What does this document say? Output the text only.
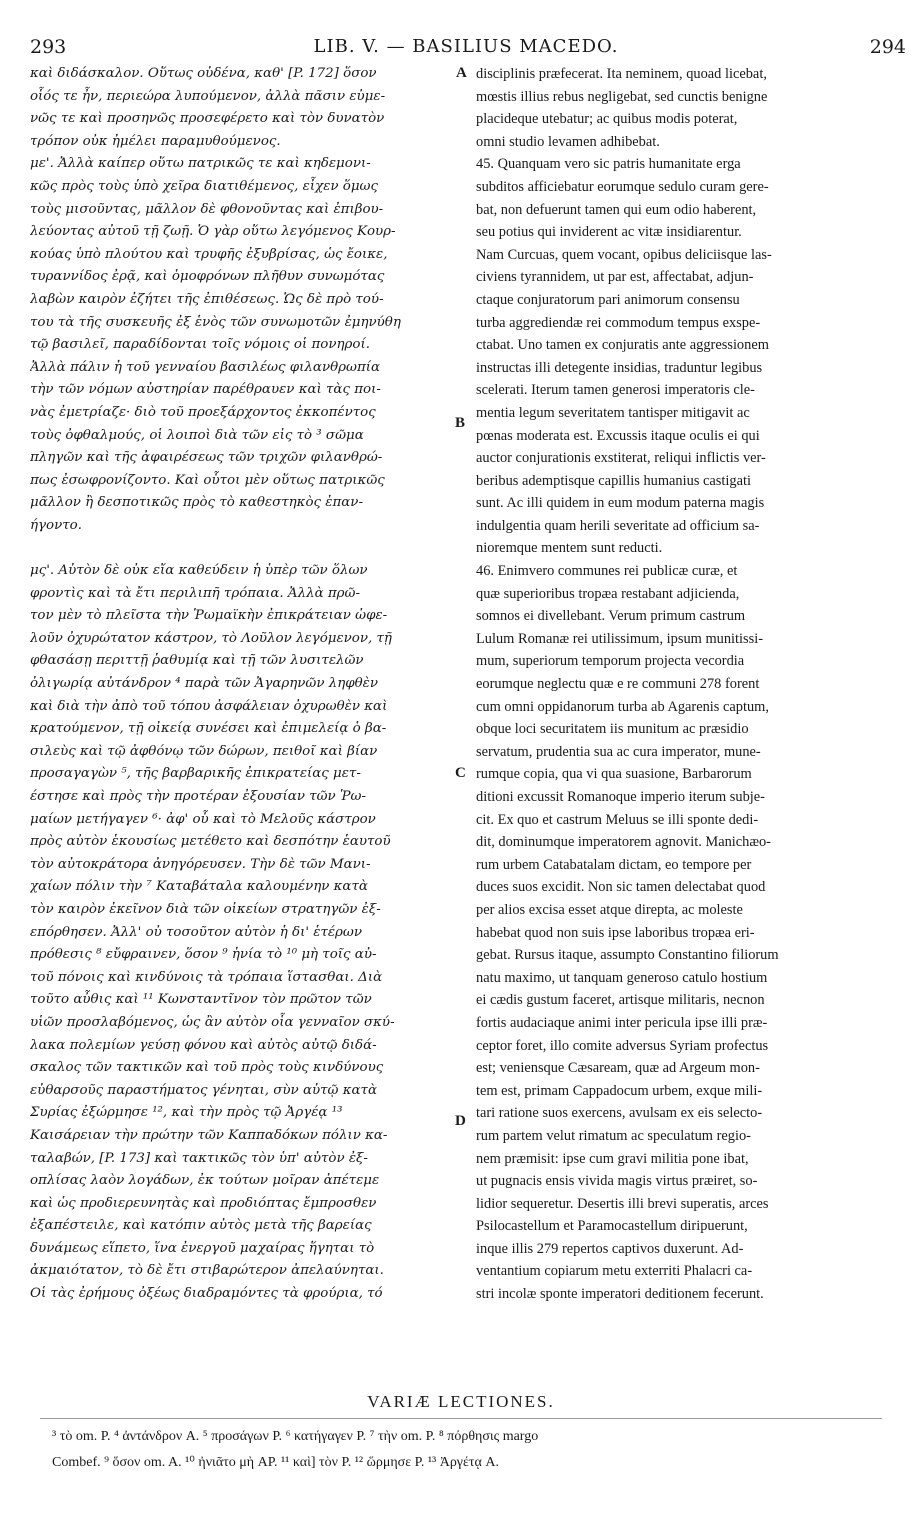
293	LIB. V. — BASILIUS MACEDO.	294
καὶ διδάσκαλον. Οὕτως οὐδένα, καθ' [P. 172] ὅσον
οἷός τε ἦν, περιεώρα λυπούμενον, ἀλλὰ πᾶσιν εὐμε-
νῶς τε καὶ προσηνῶς προσεφέρετο καὶ τὸν δυνατὸν
τρόπον οὐκ ἠμέλει παραμυθούμενος.
με'. Ἀλλὰ καίπερ οὕτω πατρικῶς τε καὶ κηδεμονι-
κῶς πρὸς τοὺς ὑπὸ χεῖρα διατιθέμενος, εἶχεν ὅμως
τοὺς μισοῦντας, μᾶλλον δὲ φθονοῦντας καὶ ἐπιβου-
λεύοντας αὐτοῦ τῇ ζωῇ. Ὁ γὰρ οὕτω λεγόμενος Κουρ-
κούας ὑπὸ πλούτου καὶ τρυφῆς ἐξυβρίσας, ὡς ἔοικε,
τυραννίδος ἐρᾷ, καὶ ὁμοφρόνων πλῆθυν συνωμότας
λαβὼν καιρὸν ἐζήτει τῆς ἐπιθέσεως. Ὡς δὲ πρὸ τού-
του τὰ τῆς συσκευῆς ἐξ ἑνὸς τῶν συνωμοτῶν ἐμηνύθη
τῷ βασιλεῖ, παραδίδονται τοῖς νόμοις οἱ πονηροί.
Ἀλλὰ πάλιν ἡ τοῦ γενναίου βασιλέως φιλανθρωπία
τὴν τῶν νόμων αὐστηρίαν παρέθραυεν καὶ τὰς ποι-
νὰς ἐμετρίαζε· διὸ τοῦ προεξάρχοντος ἐκκοπέντος
τοὺς ὀφθαλμούς, οἱ λοιποὶ διὰ τῶν εἰς τὸ ³ σῶμα
πληγῶν καὶ τῆς ἀφαιρέσεως τῶν τριχῶν φιλανθρώ-
πως ἐσωφρονίζοντο. Καὶ οὗτοι μὲν οὕτως πατρικῶς
μᾶλλον ἢ δεσποτικῶς πρὸς τὸ καθεστηκὸς ἐπαν-
ήγοντο.

μς'. Αὐτὸν δὲ οὐκ εἴα καθεύδειν ἡ ὑπὲρ τῶν ὅλων
φροντὶς καὶ τὰ ἔτι περιλιπῆ τρόπαια. Ἀλλὰ πρῶ-
τον μὲν τὸ πλεῖστα τὴν Ῥωμαϊκὴν ἐπικράτειαν ὠφε-
λοῦν ὀχυρώτατον κάστρον, τὸ Λοῦλον λεγόμενον, τῇ
φθασάσῃ περιττῇ ῥαθυμίᾳ καὶ τῇ τῶν λυσιτελῶν
ὀλιγωρίᾳ αὐτάνδρον ⁴ παρὰ τῶν Ἀγαρηνῶν ληφθὲν
καὶ διὰ τὴν ἀπὸ τοῦ τόπου ἀσφάλειαν ὀχυρωθὲν καὶ
κρατούμενον, τῇ οἰκείᾳ συνέσει καὶ ἐπιμελείᾳ ὁ βα-
σιλεὺς καὶ τῷ ἀφθόνῳ τῶν δώρων, πειθοῖ καὶ βίαν
προσαγαγὼν ⁵, τῆς βαρβαρικῆς ἐπικρατείας μετ-
έστησε καὶ πρὸς τὴν προτέραν ἐξουσίαν τῶν Ῥω-
μαίων μετήγαγεν ⁶· ἀφ' οὗ καὶ τὸ Μελοῦς κάστρον
πρὸς αὐτὸν ἑκουσίως μετέθετο καὶ δεσπότην ἑαυτοῦ
τὸν αὐτοκράτορα ἀνηγόρευσεν. Τὴν δὲ τῶν Μανι-
χαίων πόλιν τὴν ⁷ Καταβάταλα καλουμένην κατὰ
τὸν καιρὸν ἐκεῖνον διὰ τῶν οἰκείων στρατηγῶν ἐξ-
επόρθησεν. Ἀλλ' οὐ τοσοῦτον αὐτὸν ἡ δι' ἑτέρων
πρόθεσις ⁸ εὔφραινεν, ὅσον ⁹ ἠνία τὸ ¹⁰ μὴ τοῖς αὐ-
τοῦ πόνοις καὶ κινδύνοις τὰ τρόπαια ἵστασθαι. Διὰ
τοῦτο αὖθις καὶ ¹¹ Κωνσταντῖνον τὸν πρῶτον τῶν
υἱῶν προσλαβόμενος, ὡς ἂν αὐτὸν οἷα γενναῖον σκύ-
λακα πολεμίων γεύσῃ φόνου καὶ αὐτὸς αὐτῷ διδά-
σκαλος τῶν τακτικῶν καὶ τοῦ πρὸς τοὺς κινδύνους
εὐθαρσοῦς παραστήματος γένηται, σὺν αὐτῷ κατὰ
Συρίας ἐξώρμησε ¹², καὶ τὴν πρὸς τῷ Ἀργέᾳ ¹³
Καισάρειαν τὴν πρώτην τῶν Καππαδόκων πόλιν κα-
ταλαβών, [P. 173] καὶ τακτικῶς τὸν ὑπ' αὐτὸν ἐξ-
οπλίσας λαὸν λογάδων, ἐκ τούτων μοῖραν ἀπέτεμε
καὶ ὡς προδιερευνητὰς καὶ προδιόπτας ἔμπροσθεν
ἐξαπέστειλε, καὶ κατόπιν αὐτὸς μετὰ τῆς βαρείας
δυνάμεως εἵπετο, ἵνα ἐνεργοῦ μαχαίρας ἥγηται τὸ
ἀκμαιότατον, τὸ δὲ ἔτι στιβαρώτερον ἀπελαύνηται.
Οἱ τὰς ἐρήμους ὀξέως διαδραμόντες τὰ φρούρια, τό
disciplinis præfecerat. Ita neminem, quoad licebat,
mœstis illius rebus negligebat, sed cunctis benigne
placideque utebatur; ac quibus modis poterat,
omni studio levamen adhibebat.
45. Quanquam vero sic patris humanitate erga
subditos afficiebatur eorumque sedulo curam gere-
bat, non defuerunt tamen qui eum odio haberent,
seu potius qui inviderent ac vitæ insidiarentur.
Nam Curcuas, quem vocant, opibus deliciisque las-
civiens tyrannidem, ut par est, affectabat, adjun-
ctaque conjuratorum pari animorum consensu
turba aggrediendæ rei commodum tempus exspe-
ctabat. Uno tamen ex conjuratis ante aggressionem
instructas illi detegente insidias, traduntur legibus
scelerati. Iterum tamen generosi imperatoris cle-
mentia legum severitatem tantisper mitigavit ac
pœnas moderata est. Excussis itaque oculis ei qui
auctor conjurationis exstiterat, reliqui inflictis ver-
beribus ademptisque capillis humanius castigati
sunt. Ac illi quidem in eum modum paterna magis
indulgentia quam herili severitate ad officium sa-
nioremque mentem sunt reducti.
46. Enimvero communes rei publicæ curæ, et
quæ superioribus tropæa restabant adjicienda,
somnos ei divellebant. Verum primum castrum
Lulum Romanæ rei utilissimum, ipsum munitissi-
mum, superiorum temporum projecta vecordia
eorumque neglectu quæ e re communi 278 forent
cum omni oppidanorum turba ab Agarenis captum,
obque loci securitatem iis munitum ac præsidio
servatum, prudentia sua ac cura imperator, mune-
rumque copia, qua vi qua suasione, Barbarorum
ditioni excussit Romanoque imperio iterum subje-
cit. Ex quo et castrum Meluus se illi sponte dedi-
dit, dominumque imperatorem agnovit. Manichæo-
rum urbem Catabatalam dictam, eo tempore per
duces suos excidit. Non sic tamen delectabat quod
per alios excisa esset atque direpta, ac moleste
habebat quod non suis ipse laboribus tropæa eri-
gebat. Rursus itaque, assumpto Constantino filiorum
natu maximo, ut tanquam generoso catulo hostium
ei cædis gustum faceret, artisque militaris, necnon
fortis audaciaque animi inter pericula ipse illi præ-
ceptor foret, illo comite adversus Syriam profectus
est; veniensque Cæsaream, quæ ad Argeum mon-
tem est, primam Cappadocum urbem, exque mili-
tari ratione suos exercens, avulsam ex eis selecto-
rum partem velut rimatum ac speculatum regio-
nem præmisit: ipse cum gravi militia pone ibat,
ut pugnacis ensis vivida magis virtus præiret, so-
lidior sequeretur. Desertis illi brevi superatis, arces
Psilocastellum et Paramocastellum diripuerunt,
inque illis 279 repertos captivos duxerunt. Ad-
ventantium copiarum metu exterriti Phalacri ca-
stri incolæ sponte imperatori deditionem fecerunt.
A
B
C
D
VARIÆ LECTIONES.
³ τὸ om. P. ⁴ ἀντάνδρον A. ⁵ προσάγων P. ⁶ κατήγαγεν P. ⁷ τὴν om. P. ⁸ πόρθησις margo
Combef. ⁹ ὅσον om. A. ¹⁰ ἠνιᾶτο μὴ AP. ¹¹ καὶ] τὸν P. ¹² ὥρμησε P. ¹³ Ἀργέτᾳ A.
